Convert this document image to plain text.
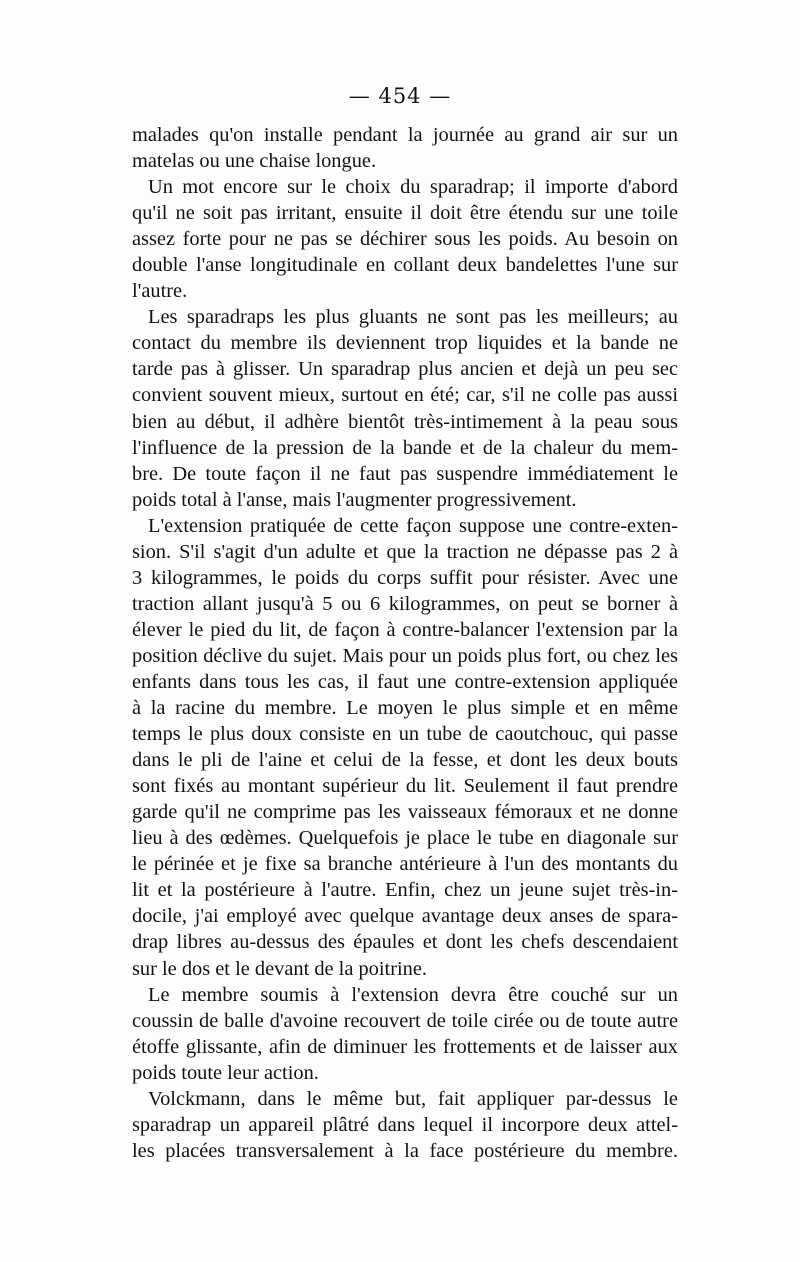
— 454 —
malades qu'on installe pendant la journée au grand air sur un
matelas ou une chaise longue.
Un mot encore sur le choix du sparadrap; il importe d'abord
qu'il ne soit pas irritant, ensuite il doit être étendu sur une toile
assez forte pour ne pas se déchirer sous les poids. Au besoin on
double l'anse longitudinale en collant deux bandelettes l'une sur
l'autre.
Les sparadraps les plus gluants ne sont pas les meilleurs; au
contact du membre ils deviennent trop liquides et la bande ne
tarde pas à glisser. Un sparadrap plus ancien et dejà un peu sec
convient souvent mieux, surtout en été; car, s'il ne colle pas aussi
bien au début, il adhère bientôt très-intimement à la peau sous
l'influence de la pression de la bande et de la chaleur du mem-
bre. De toute façon il ne faut pas suspendre immédiatement le
poids total à l'anse, mais l'augmenter progressivement.
L'extension pratiquée de cette façon suppose une contre-exten-
sion. S'il s'agit d'un adulte et que la traction ne dépasse pas 2 à
3 kilogrammes, le poids du corps suffit pour résister. Avec une
traction allant jusqu'à 5 ou 6 kilogrammes, on peut se borner à
élever le pied du lit, de façon à contre-balancer l'extension par la
position déclive du sujet. Mais pour un poids plus fort, ou chez les
enfants dans tous les cas, il faut une contre-extension appliquée
à la racine du membre. Le moyen le plus simple et en même
temps le plus doux consiste en un tube de caoutchouc, qui passe
dans le pli de l'aine et celui de la fesse, et dont les deux bouts
sont fixés au montant supérieur du lit. Seulement il faut prendre
garde qu'il ne comprime pas les vaisseaux fémoraux et ne donne
lieu à des œdèmes. Quelquefois je place le tube en diagonale sur
le périnée et je fixe sa branche antérieure à l'un des montants du
lit et la postérieure à l'autre. Enfin, chez un jeune sujet très-in-
docile, j'ai employé avec quelque avantage deux anses de spara-
drap libres au-dessus des épaules et dont les chefs descendaient
sur le dos et le devant de la poitrine.
Le membre soumis à l'extension devra être couché sur un
coussin de balle d'avoine recouvert de toile cirée ou de toute autre
étoffe glissante, afin de diminuer les frottements et de laisser aux
poids toute leur action.
Volckmann, dans le même but, fait appliquer par-dessus le
sparadrap un appareil plâtré dans lequel il incorpore deux attel-
les placées transversalement à la face postérieure du membre.
